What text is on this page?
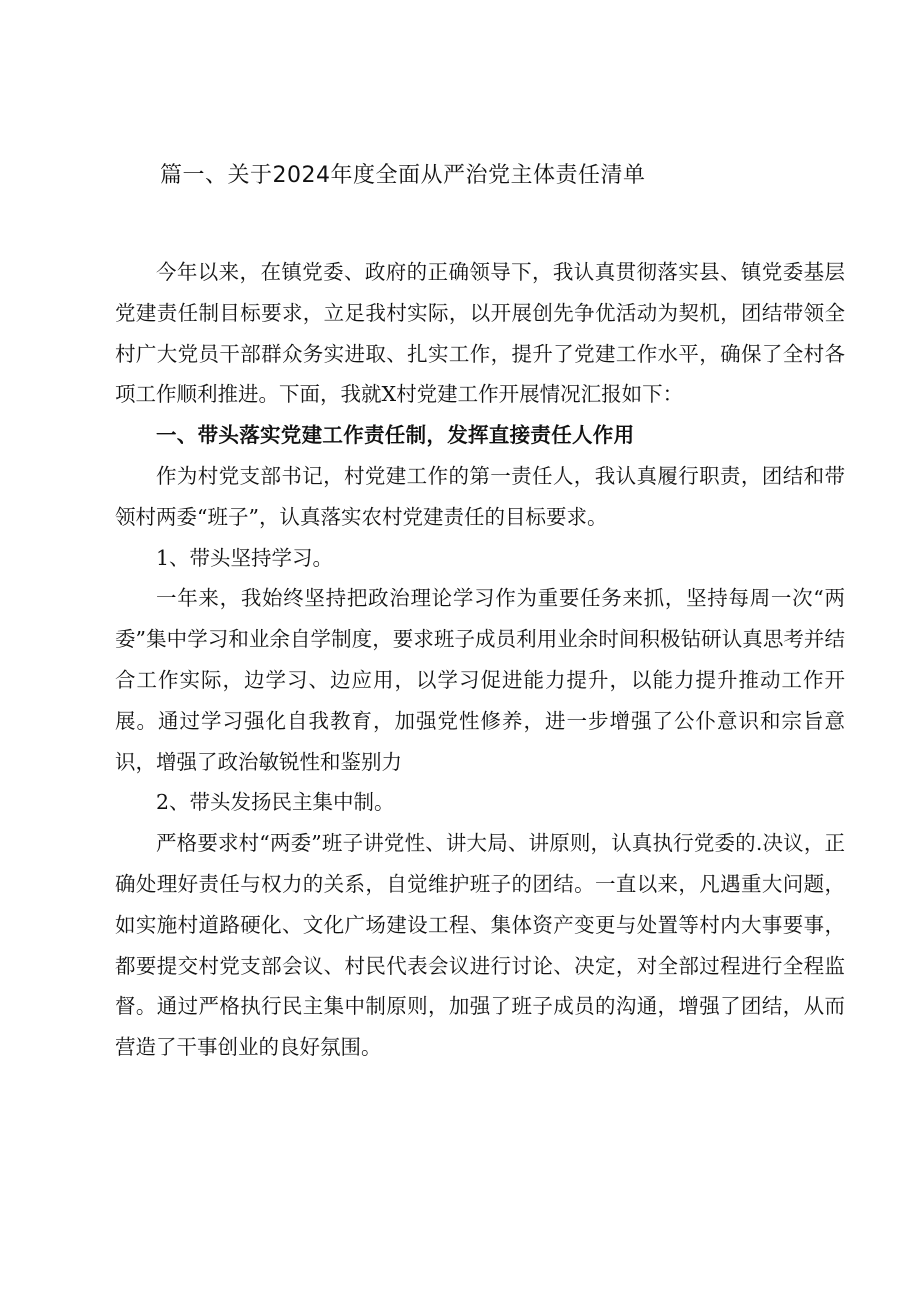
篇一、关于2024年度全面从严治党主体责任清单

今年以来，在镇党委、政府的正确领导下，我认真贯彻落实县、镇党委基层党建责任制目标要求，立足我村实际，以开展创先争优活动为契机，团结带领全村广大党员干部群众务实进取、扎实工作，提升了党建工作水平，确保了全村各项工作顺利推进。下面，我就X村党建工作开展情况汇报如下：

一、带头落实党建工作责任制，发挥直接责任人作用

作为村党支部书记，村党建工作的第一责任人，我认真履行职责，团结和带领村两委“班子”，认真落实农村党建责任的目标要求。

1、带头坚持学习。

一年来，我始终坚持把政治理论学习作为重要任务来抓，坚持每周一次“两委”集中学习和业余自学制度，要求班子成员利用业余时间积极钻研认真思考并结合工作实际，边学习、边应用，以学习促进能力提升，以能力提升推动工作开展。通过学习强化自我教育，加强党性修养，进一步增强了公仆意识和宗旨意识，增强了政治敏锐性和鉴别力

2、带头发扬民主集中制。

严格要求村“两委”班子讲党性、讲大局、讲原则，认真执行党委的.决议，正确处理好责任与权力的关系，自觉维护班子的团结。一直以来，凡遇重大问题，如实施村道路硬化、文化广场建设工程、集体资产变更与处置等村内大事要事，都要提交村党支部会议、村民代表会议进行讨论、决定，对全部过程进行全程监督。通过严格执行民主集中制原则，加强了班子成员的沟通，增强了团结，从而营造了干事创业的良好氛围。
